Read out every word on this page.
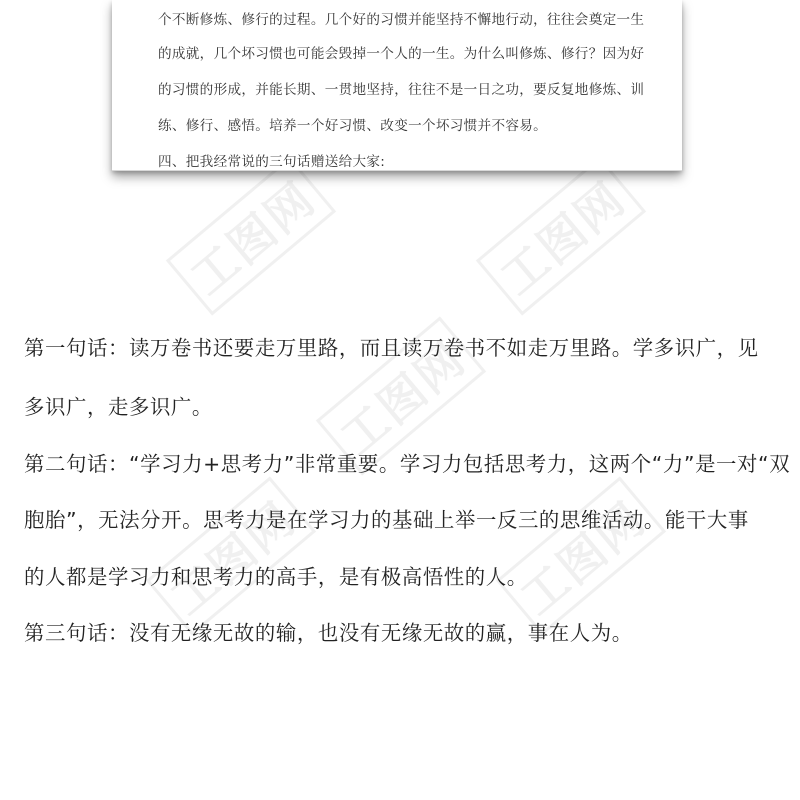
工图网	工图网
工图网
工图网	工图网
个不断修炼、修行的过程。几个好的习惯并能坚持不懈地行动，往往会奠定一生
的成就，几个坏习惯也可能会毁掉一个人的一生。为什么叫修炼、修行？因为好
的习惯的形成，并能长期、一贯地坚持，往往不是一日之功，要反复地修炼、训
练、修行、感悟。培养一个好习惯、改变一个坏习惯并不容易。
四、把我经常说的三句话赠送给大家:
第一句话：读万卷书还要走万里路，而且读万卷书不如走万里路。学多识广，见
多识广，走多识广。
第二句话：“学习力+思考力”非常重要。学习力包括思考力，这两个“力”是一对“双
胞胎”，无法分开。思考力是在学习力的基础上举一反三的思维活动。能干大事
的人都是学习力和思考力的高手，是有极高悟性的人。
第三句话：没有无缘无故的输，也没有无缘无故的赢，事在人为。
